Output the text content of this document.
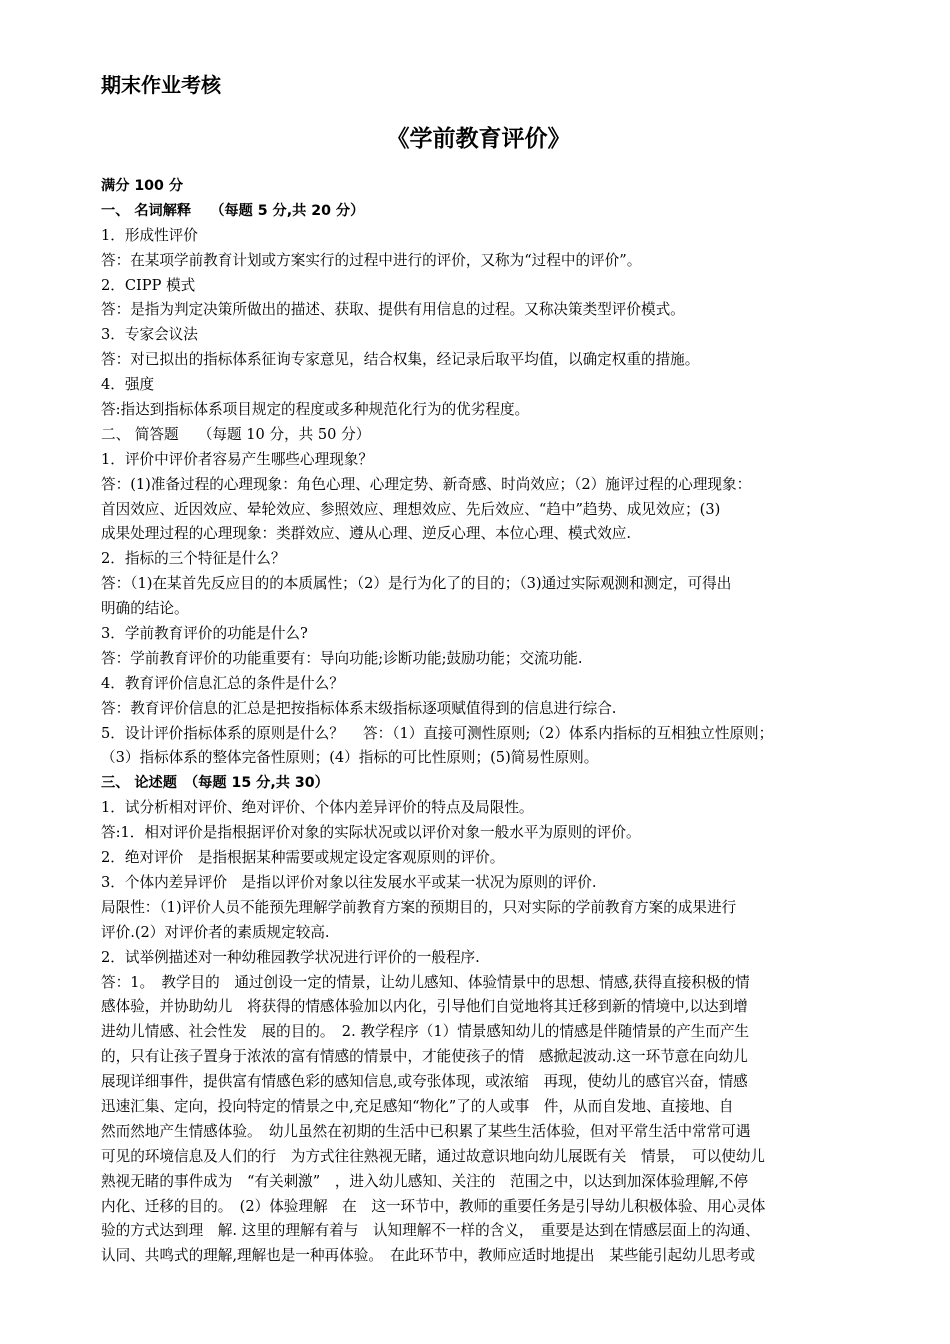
期末作业考核
《学前教育评价》
满分 100 分
一、 名词解释　 （每题 5 分,共 20 分）
1．形成性评价
答：在某项学前教育计划或方案实行的过程中进行的评价，又称为“过程中的评价”。
2．CIPP 模式
答：是指为判定决策所做出的描述、获取、提供有用信息的过程。又称决策类型评价模式。
3．专家会议法
答：对已拟出的指标体系征询专家意见，结合权集，经记录后取平均值，以确定权重的措施。
4．强度
答:指达到指标体系项目规定的程度或多种规范化行为的优劣程度。
二、 简答题　 （每题 10 分，共 50 分）
1．评价中评价者容易产生哪些心理现象？
答：(1)准备过程的心理现象：角色心理、心理定势、新奇感、时尚效应；（2）施评过程的心理现象：
首因效应、近因效应、晕轮效应、参照效应、理想效应、先后效应、“趋中”趋势、成见效应；(3)
成果处理过程的心理现象：类群效应、遵从心理、逆反心理、本位心理、模式效应.
2．指标的三个特征是什么？
答：（1)在某首先反应目的的本质属性；（2）是行为化了的目的；（3)通过实际观测和测定，可得出
明确的结论。
3．学前教育评价的功能是什么?
答：学前教育评价的功能重要有：导向功能;诊断功能;鼓励功能；交流功能.
4．教育评价信息汇总的条件是什么？
答：教育评价信息的汇总是把按指标体系末级指标逐项赋值得到的信息进行综合.
5．设计评价指标体系的原则是什么？　 答：（1）直接可测性原则;（2）体系内指标的互相独立性原则；
（3）指标体系的整体完备性原则；(4）指标的可比性原则；(5)简易性原则。
三、 论述题　（每题 15 分,共 30）
1．试分析相对评价、绝对评价、个体内差异评价的特点及局限性。
答:1．相对评价是指根据评价对象的实际状况或以评价对象一般水平为原则的评价。
2．绝对评价　是指根据某种需要或规定设定客观原则的评价。
3．个体内差异评价　是指以评价对象以往发展水平或某一状况为原则的评价.
局限性：（1)评价人员不能预先理解学前教育方案的预期目的，只对实际的学前教育方案的成果进行
评价.(2）对评价者的素质规定较高.
2．试举例描述对一种幼稚园教学状况进行评价的一般程序.
答：1。　教学目的　通过创设一定的情景，让幼儿感知、体验情景中的思想、情感,获得直接积极的情
感体验，并协助幼儿　将获得的情感体验加以内化，引导他们自觉地将其迁移到新的情境中,以达到增
进幼儿情感、社会性发　展的目的。　2. 教学程序（1）情景感知幼儿的情感是伴随情景的产生而产生
的，只有让孩子置身于浓浓的富有情感的情景中，才能使孩子的情　感掀起波动.这一环节意在向幼儿
展现详细事件，提供富有情感色彩的感知信息,或夸张体现，或浓缩　再现，使幼儿的感官兴奋，情感
迅速汇集、定向，投向特定的情景之中,充足感知“物化”了的人或事　件，从而自发地、直接地、自
然而然地产生情感体验。　幼儿虽然在初期的生活中已积累了某些生活体验，但对平常生活中常常可遇
可见的环境信息及人们的行　为方式往往熟视无睹，通过故意识地向幼儿展既有关　情景，　可以使幼儿
熟视无睹的事件成为　“有关刺激”　，进入幼儿感知、关注的　范围之中，以达到加深体验理解,不停
内化、迁移的目的。　(2）体验理解　在　这一环节中，教师的重要任务是引导幼儿积极体验、用心灵体
验的方式达到理　解. 这里的理解有着与　认知理解不一样的含义，　重要是达到在情感层面上的沟通、
认同、共鸣式的理解,理解也是一种再体验。　在此环节中，教师应适时地提出　某些能引起幼儿思考或
